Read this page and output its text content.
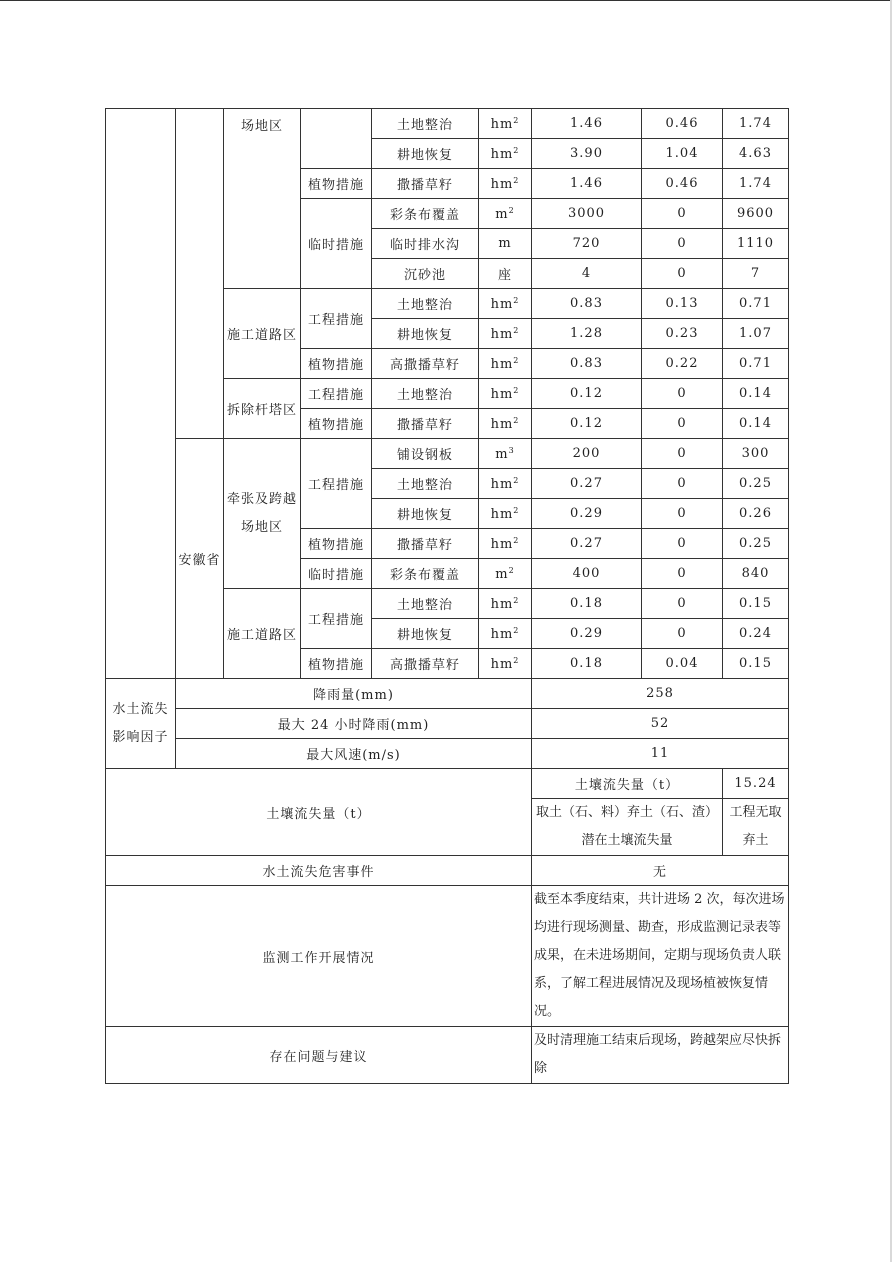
		场地区		土地整治	$hm^2$	1.46	0.46	1.74
				耕地恢复	$hm^2$	3.90	1.04	4.63
			植物措施	撒播草籽	$hm^2$	1.46	0.46	1.74
			临时措施	彩条布覆盖	$m^2$	3000	0	9600
				临时排水沟	m	720	0	1110
				沉砂池	座	4	0	7
		施工道路区	工程措施	土地整治	$hm^2$	0.83	0.13	0.71
				耕地恢复	$hm^2$	1.28	0.23	1.07
			植物措施	高撒播草籽	$hm^2$	0.83	0.22	0.71
		拆除杆塔区	工程措施	土地整治	$hm^2$	0.12	0	0.14
			植物措施	撒播草籽	$hm^2$	0.12	0	0.14
	安徽省	牵张及跨越场地区	工程措施	铺设钢板	$m^3$	200	0	300
				土地整治	$hm^2$	0.27	0	0.25
				耕地恢复	$hm^2$	0.29	0	0.26
			植物措施	撒播草籽	$hm^2$	0.27	0	0.25
			临时措施	彩条布覆盖	$m^2$	400	0	840
		施工道路区	工程措施	土地整治	$hm^2$	0.18	0	0.15
				耕地恢复	$hm^2$	0.29	0	0.24
			植物措施	高撒播草籽	$hm^2$	0.18	0.04	0.15
水土流失影响因子	降雨量(mm)					258		
	最大 24 小时降雨(mm)					52		
	最大风速(m/s)					11		
土壤流失量（t）						土壤流失量（t）		15.24
						取土（石、料）弃土（石、渣）潜在土壤流失量		工程无取弃土
水土流失危害事件						无		
监测工作开展情况						截至本季度结束，共计进场 2 次，每次进场均进行现场测量、勘查，形成监测记录表等成果，在未进场期间，定期与现场负责人联系，了解工程进展情况及现场植被恢复情况。		
存在问题与建议						及时清理施工结束后现场，跨越架应尽快拆除		
